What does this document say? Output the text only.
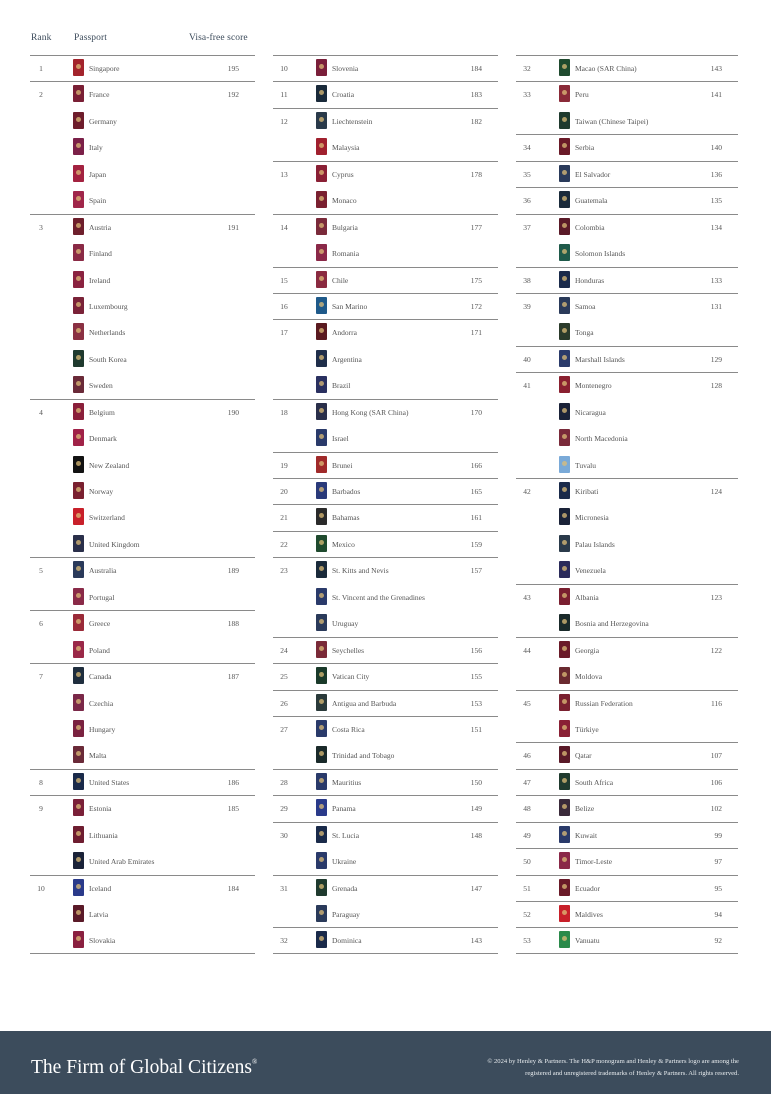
Rank Passport	Visa-free score
1	Singapore	195
2	France	192
Germany
Italy
Japan
Spain
3	Austria	191
Finland
Ireland
Luxembourg
Netherlands
South Korea
Sweden
4	Belgium	190
Denmark
New Zealand
Norway
Switzerland
United Kingdom
5	Australia	189
Portugal
6	Greece	188
Poland
7	Canada	187
Czechia
Hungary
Malta
8	United States	186
9	Estonia	185
Lithuania
United Arab Emirates
10	Iceland	184
Latvia
Slovakia
10	Slovenia	184
11	Croatia	183
12	Liechtenstein	182
Malaysia
13	Cyprus	178
Monaco
14	Bulgaria	177
Romania
15	Chile	175
16	San Marino	172
17	Andorra	171
Argentina
Brazil
18	Hong Kong (SAR China)	170
Israel
19	Brunei	166
20	Barbados	165
21	Bahamas	161
22	Mexico	159
23	St. Kitts and Nevis	157
St. Vincent and the Grenadines
Uruguay
24	Seychelles	156
25	Vatican City	155
26	Antigua and Barbuda	153
27	Costa Rica	151
Trinidad and Tobago
28	Mauritius	150
29	Panama	149
30	St. Lucia	148
Ukraine
31	Grenada	147
Paraguay
32	Dominica	143
32	Macao (SAR China)	143
33	Peru	141
Taiwan (Chinese Taipei)
34	Serbia	140
35	El Salvador	136
36	Guatemala	135
37	Colombia	134
Solomon Islands
38	Honduras	133
39	Samoa	131
Tonga
40	Marshall Islands	129
41	Montenegro	128
Nicaragua
North Macedonia
Tuvalu
42	Kiribati	124
Micronesia
Palau Islands
Venezuela
43	Albania	123
Bosnia and Herzegovina
44	Georgia	122
Moldova
45	Russian Federation	116
Türkiye
46	Qatar	107
47	South Africa	106
48	Belize	102
49	Kuwait	99
50	Timor-Leste	97
51	Ecuador	95
52	Maldives	94
53	Vanuatu	92
The Firm of Global Citizens®	© 2024 by Henley & Partners. The H&P monogram and Henley & Partners logo are among the
registered and unregistered trademarks of Henley & Partners. All rights reserved.
